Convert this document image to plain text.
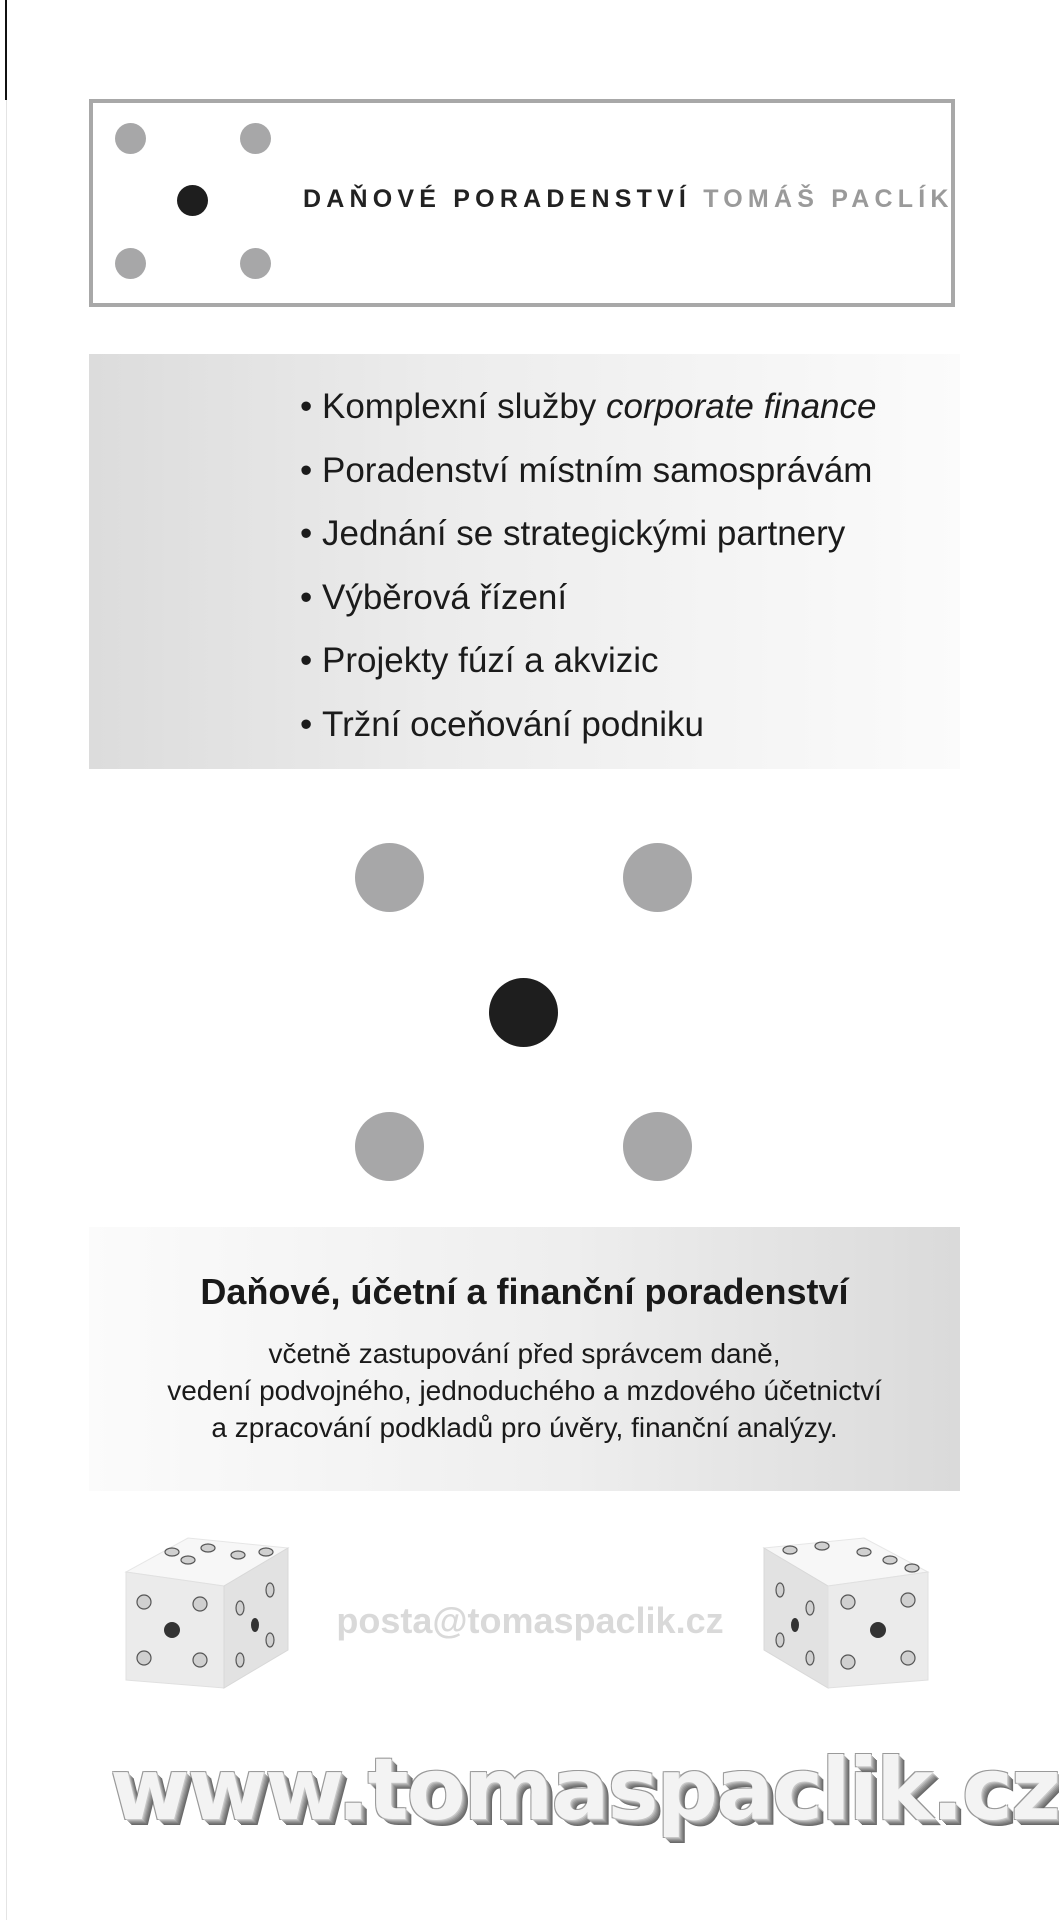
DAŇOVÉ PORADENSTVÍ TOMÁŠ PACLÍK
• Komplexní služby corporate finance
• Poradenství místním samosprávám
• Jednání se strategickými partnery
• Výběrová řízení
• Projekty fúzí a akvizic
• Tržní oceňování podniku
Daňové, účetní a finanční poradenství
včetně zastupování před správcem daně,
vedení podvojného, jednoduchého a mzdového účetnictví
a zpracování podkladů pro úvěry, finanční analýzy.
posta@tomaspaclik.cz
www.tomaspaclik.cz
